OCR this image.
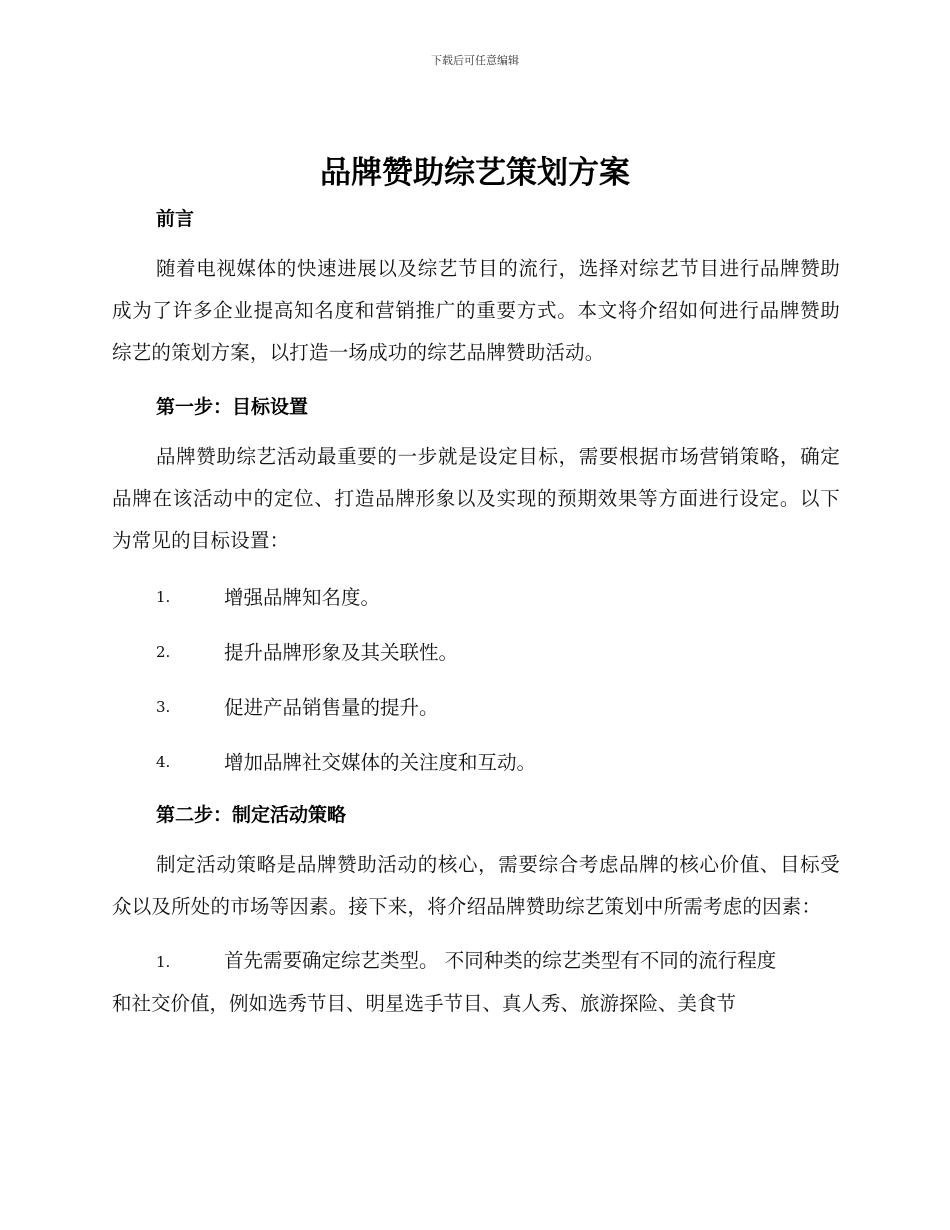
下载后可任意编辑
品牌赞助综艺策划方案
前言

随着电视媒体的快速进展以及综艺节目的流行，选择对综艺节目进行品牌赞助成为了许多企业提高知名度和营销推广的重要方式。本文将介绍如何进行品牌赞助综艺的策划方案，以打造一场成功的综艺品牌赞助活动。

第一步：目标设置

品牌赞助综艺活动最重要的一步就是设定目标，需要根据市场营销策略，确定品牌在该活动中的定位、打造品牌形象以及实现的预期效果等方面进行设定。以下为常见的目标设置：

1.	增强品牌知名度。
2.	提升品牌形象及其关联性。
3.	促进产品销售量的提升。
4.	增加品牌社交媒体的关注度和互动。
第二步：制定活动策略

制定活动策略是品牌赞助活动的核心，需要综合考虑品牌的核心价值、目标受众以及所处的市场等因素。接下来，将介绍品牌赞助综艺策划中所需考虑的因素：

1.	首先需要确定综艺类型。 不同种类的综艺类型有不同的流行程度
和社交价值，例如选秀节目、明星选手节目、真人秀、旅游探险、美食节
